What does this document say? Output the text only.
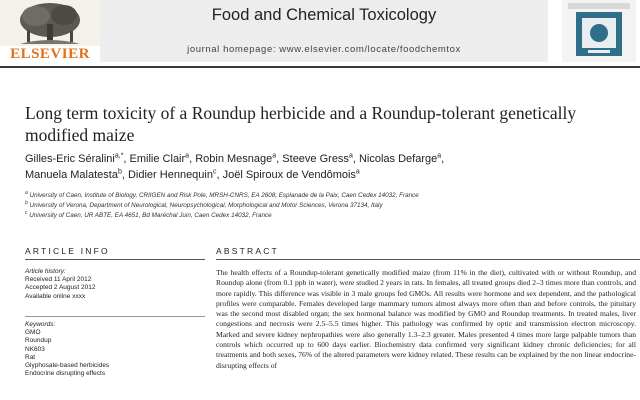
ELSEVIER
Food and Chemical Toxicology
journal homepage: www.elsevier.com/locate/foodchemtox
Long term toxicity of a Roundup herbicide and a Roundup-tolerant genetically modified maize
Gilles-Eric Séralini$^{a,*}$, Emilie Clair$^a$, Robin Mesnage$^a$, Steeve Gress$^a$, Nicolas Defarge$^a$,
Manuela Malatesta$^b$, Didier Hennequin$^c$, Joël Spiroux de Vendômois$^a$
$^a$ University of Caen, Institute of Biology, CRIIGEN and Risk Pole, MRSH-CNRS, EA 2608, Esplanade de la Paix, Caen Cedex 14032, France
$^b$ University of Verona, Department of Neurological, Neuropsychological, Morphological and Motor Sciences, Verona 37134, Italy
$^c$ University of Caen, UR ABTE, EA 4651, Bd Maréchal Juin, Caen Cedex 14032, France
ARTICLE INFO	ABSTRACT
Article history:
Received 11 April 2012
Accepted 2 August 2012
Available online xxxx
Keywords:
GMO
Roundup
NK603
Rat
Glyphosate-based herbicides
Endocrine disrupting effects
The health effects of a Roundup-tolerant genetically modified maize (from 11% in the diet), cultivated with or without Roundup, and Roundup alone (from 0.1 ppb in water), were studied 2 years in rats. In females, all treated groups died 2–3 times more than controls, and more rapidly. This difference was visible in 3 male groups fed GMOs. All results were hormone and sex dependent, and the pathological profiles were comparable. Females developed large mammary tumors almost always more often than and before controls, the pituitary was the second most disabled organ; the sex hormonal balance was modified by GMO and Roundup treatments. In treated males, liver congestions and necrosis were 2.5–5.5 times higher. This pathology was confirmed by optic and transmission electron microscopy. Marked and severe kidney nephropathies were also generally 1.3–2.3 greater. Males presented 4 times more large palpable tumors than controls which occurred up to 600 days earlier. Biochemistry data confirmed very significant kidney chronic deficiencies; for all treatments and both sexes, 76% of the altered parameters were kidney related. These results can be explained by the non linear endocrine-disrupting effects of
